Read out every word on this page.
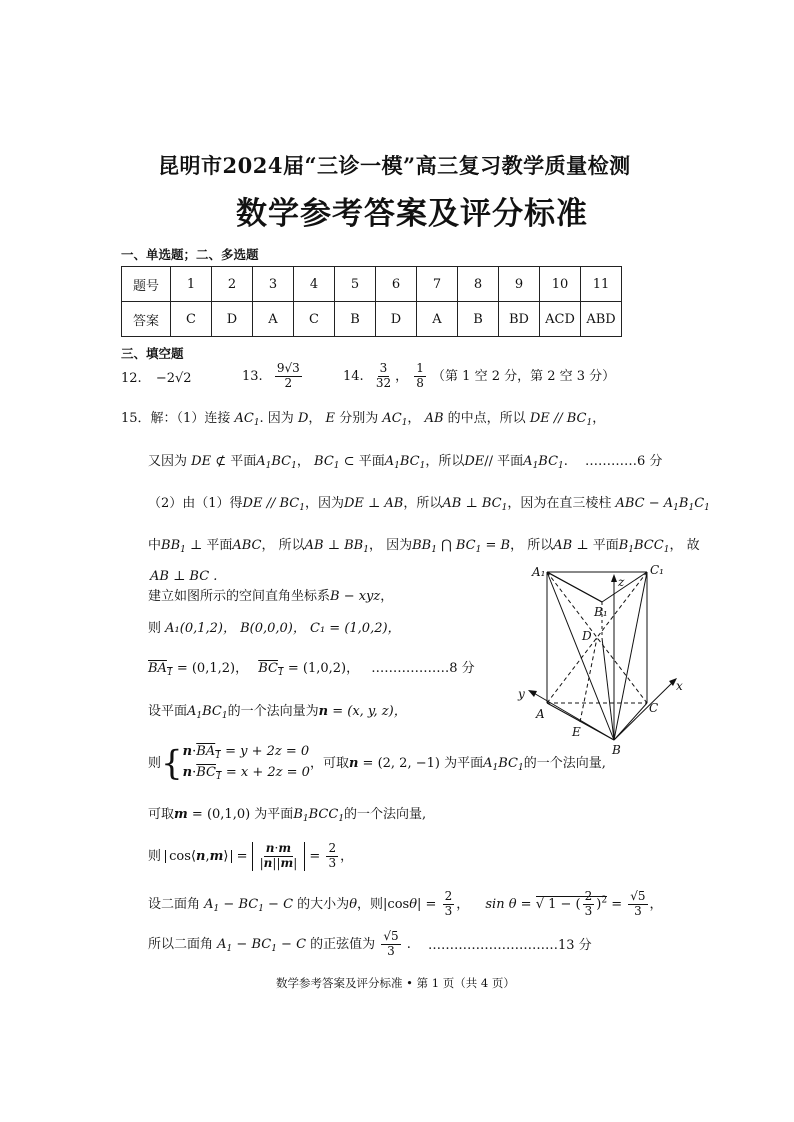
昆明市2024届“三诊一模”高三复习教学质量检测
数学参考答案及评分标准
一、单选题；二、多选题
题号	1	2	3	4	5	6	7	8	9	10	11
答案	C	D	A	C	B	D	A	B	BD	ACD	ABD
三、填空题
12. −2√2	13. $\frac{9√3}{2}$	14. $\frac{3}{32}$ ， $\frac{1}{8}$ （第 1 空 2 分，第 2 空 3 分）
15．解：（1）连接 $AC_1$. 因为 D， E 分别为 $AC_1$， AB 的中点，所以 DE // $BC_1$，
又因为 DE ⊄ 平面$A_1BC_1$， $BC_1$ ⊂ 平面$A_1BC_1$，所以DE// 平面$A_1BC_1$. …………6 分
（2）由（1）得DE // $BC_1$，因为DE ⊥ AB，所以AB ⊥ $BC_1$，因为在直三棱柱 ABC − $A_1B_1C_1$
中$BB_1$ ⊥ 平面ABC， 所以AB ⊥ $BB_1$， 因为$BB_1$ ⋂ $BC_1 = B$， 所以AB ⊥ 平面$B_1BCC_1$， 故
AB ⊥ BC .
建立如图所示的空间直角坐标系B − xyz，
则 A₁(0,1,2)， B(0,0,0)， C₁ = (1,0,2)，
$BA_1 = (0,1,2)$， $BC_1 = (1,0,2)$， ………………8 分
设平面$A_1BC_1$的一个法向量为n = (x, y, z)，
则{ $n\cdot BA_1 = y + 2z = 0$
$n\cdot BC_1 = x + 2z = 0$
，可取n = (2, 2, −1) 为平面$A_1BC_1$的一个法向量,
可取m = (0,1,0) 为平面$B_1BCC_1$的一个法向量,
则 cos⟨n,m⟩ = $\frac{n\cdot m}{|n||m|} = \frac{2}{3}$ ，
设二面角 $A_1 - BC_1 - C$ 的大小为θ，则$|\cos\theta| = \frac{2}{3}$ ， sin θ = √ 1 − ( $\frac{2}{3} )^2 = \frac{√5}{3}$ ，
所以二面角 $A_1 - BC_1 - C$ 的正弦值为 $\frac{√5}{3}$ . …………………………13 分
A₁	C₁
z
B₁
D
y
x
A	C
E
B
数学参考答案及评分标准 • 第 1 页（共 4 页）
